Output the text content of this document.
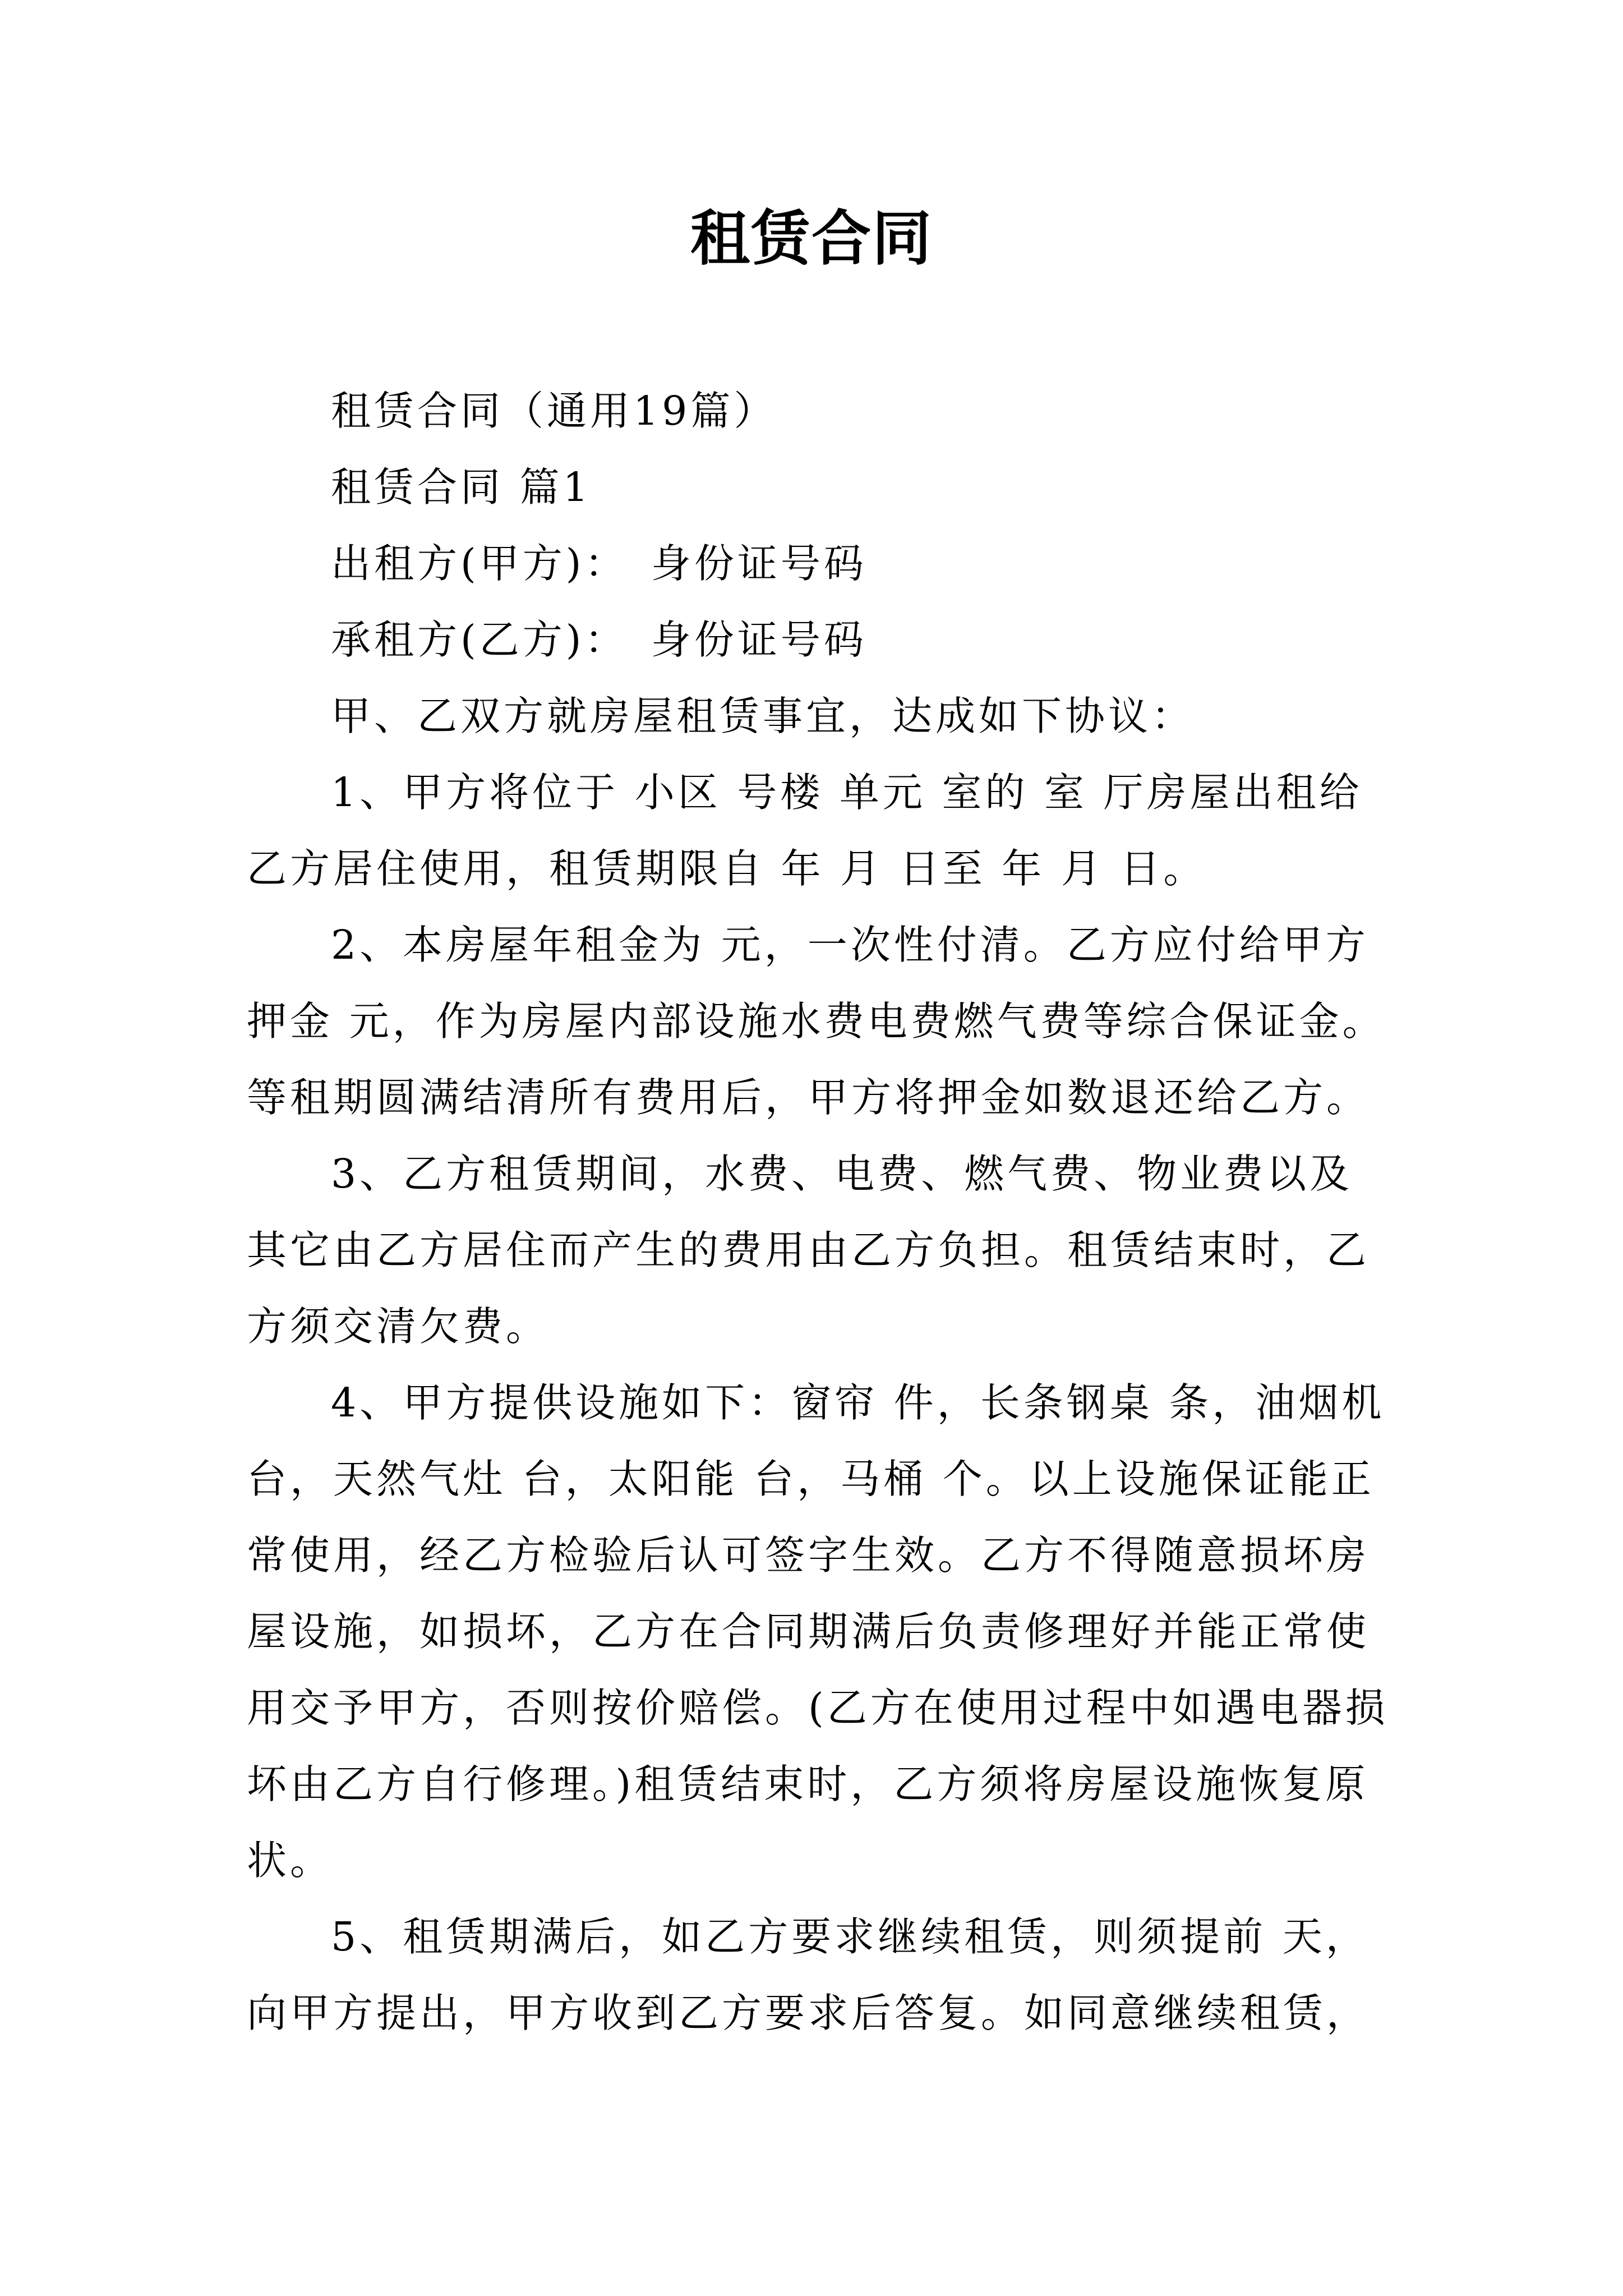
租赁合同

租赁合同（通用19篇）

租赁合同 篇1

出租方(甲方)：　身份证号码

承租方(乙方)：　身份证号码

甲、乙双方就房屋租赁事宜，达成如下协议：

1、甲方将位于 小区 号楼 单元 室的 室 厅房屋出租给乙方居住使用，租赁期限自 年 月 日至 年 月 日。

2、本房屋年租金为 元，一次性付清。乙方应付给甲方押金 元，作为房屋内部设施水费电费燃气费等综合保证金。等租期圆满结清所有费用后，甲方将押金如数退还给乙方。

3、乙方租赁期间，水费、电费、燃气费、物业费以及其它由乙方居住而产生的费用由乙方负担。租赁结束时，乙方须交清欠费。

4、甲方提供设施如下：窗帘 件，长条钢桌 条，油烟机 台，天然气灶 台，太阳能 台，马桶 个。以上设施保证能正常使用，经乙方检验后认可签字生效。乙方不得随意损坏房屋设施，如损坏，乙方在合同期满后负责修理好并能正常使用交予甲方，否则按价赔偿。(乙方在使用过程中如遇电器损坏由乙方自行修理。)租赁结束时，乙方须将房屋设施恢复原状。

5、租赁期满后，如乙方要求继续租赁，则须提前 天，向甲方提出，甲方收到乙方要求后答复。如同意继续租赁，
